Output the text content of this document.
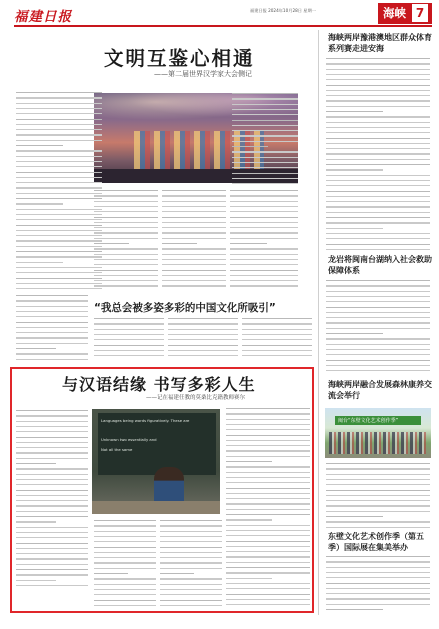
福建日报	福建日报 2024年10月28日 星期一	海峡 7
文明互鉴心相通
——第二届世界汉学家大会侧记
“我总会被多姿多彩的中国文化所吸引”
与汉语结缘 书写多彩人生
——记在福建任教的莫桑比克籍教师赛尔
Languages being words figuratively. These are
Unknown two essentially and
Not all the same
海峡两岸豫港澳地区群众体育系列赛走进安海
龙岩将闽南台湖纳入社会救助保障体系
海峡两岸融合发展森林康养交流会举行
闽台“东壁文化艺术创作季”
东壁文化艺术创作季（第五季）国际展在集美举办
